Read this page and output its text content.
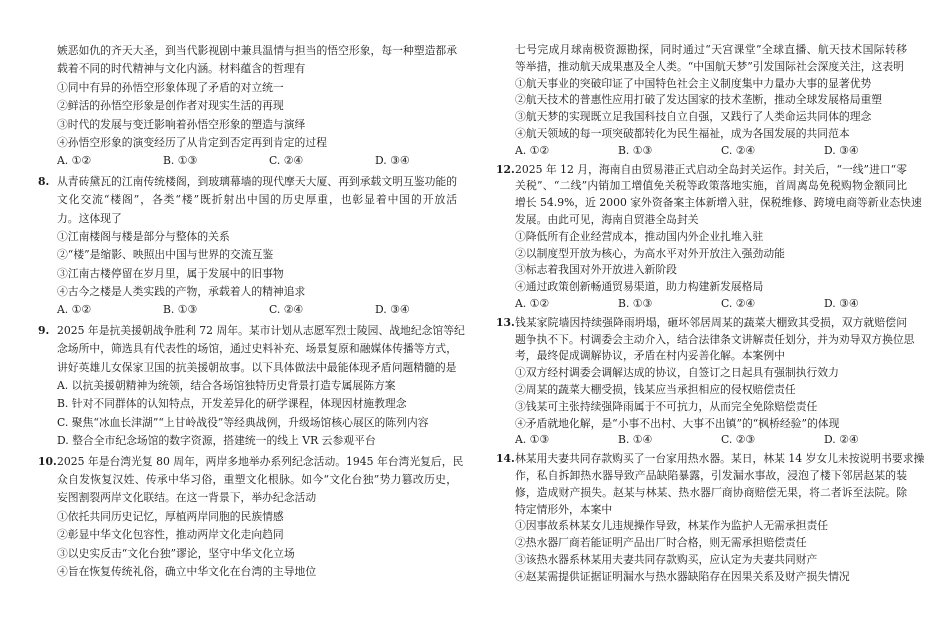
嫉恶如仇的齐天大圣，到当代影视剧中兼具温情与担当的悟空形象，每一种塑造都承
载着不同的时代精神与文化内涵。材料蕴含的哲理有
①同中有异的孙悟空形象体现了矛盾的对立统一
②鲜活的孙悟空形象是创作者对现实生活的再现
③时代的发展与变迁影响着孙悟空形象的塑造与演绎
④孙悟空形象的演变经历了从肯定到否定再到肯定的过程
A. ①②	B. ①③	C. ②④	D. ③④
8. 从青砖黛瓦的江南传统楼阁，到玻璃幕墙的现代摩天大厦、再到承载文明互鉴功能的
文化交流“楼阁”，各类“楼”既折射出中国的历史厚重，也彰显着中国的开放活
力。这体现了
①江南楼阁与楼是部分与整体的关系
②“楼”是缩影、映照出中国与世界的交流互鉴
③江南古楼停留在岁月里，属于发展中的旧事物
④古今之楼是人类实践的产物，承载着人的精神追求
A. ①②	B. ①③	C. ②④	D. ③④
9. 2025 年是抗美援朝战争胜利 72 周年。某市计划从志愿军烈士陵园、战地纪念馆等纪
念场所中，筛选具有代表性的场馆，通过史料补充、场景复原和融媒体传播等方式，
讲好英雄儿女保家卫国的抗美援朝故事。以下具体做法中最能体现矛盾问题精髓的是
A. 以抗美援朝精神为统领，结合各场馆独特历史背景打造专属展陈方案
B. 针对不同群体的认知特点，开发差异化的研学课程，体现因材施教理念
C. 聚焦“冰血长津湖”“上甘岭战役”等经典战例，升级场馆核心展区的陈列内容
D. 整合全市纪念场馆的数字资源，搭建统一的线上 VR 云参观平台
10. 2025 年是台湾光复 80 周年，两岸多地举办系列纪念活动。1945 年台湾光复后，民
众自发恢复汉姓、传承中华习俗，重塑文化根脉。如今“文化台独”势力篡改历史，
妄图割裂两岸文化联结。在这一背景下，举办纪念活动
①依托共同历史记忆，厚植两岸同胞的民族情感
②彰显中华文化包容性，推动两岸文化走向趋同
③以史实反击“文化台独”谬论，坚守中华文化立场
④旨在恢复传统礼俗，确立中华文化在台湾的主导地位
七号完成月球南极资源勘探，同时通过“天宫课堂”全球直播、航天技术国际转移
等举措，推动航天成果惠及全人类。“中国航天梦”引发国际社会深度关注，这表明
①航天事业的突破印证了中国特色社会主义制度集中力量办大事的显著优势
②航天技术的普惠性应用打破了发达国家的技术垄断，推动全球发展格局重塑
③航天梦的实现既立足我国科技自立自强，又践行了人类命运共同体的理念
④航天领域的每一项突破都转化为民生福祉，成为各国发展的共同范本
A. ①②	B. ①③	C. ②④	D. ③④
12. 2025 年 12 月，海南自由贸易港正式启动全岛封关运作。封关后，“一线”进口“零
关税”、“二线”内销加工增值免关税等政策落地实施，首周离岛免税购物金额同比
增长 54.9%，近 2000 家外资备案主体新增入驻，保税维修、跨境电商等新业态快速
发展。由此可见，海南自贸港全岛封关
①降低所有企业经营成本，推动国内外企业扎堆入驻
②以制度型开放为核心，为高水平对外开放注入强劲动能
③标志着我国对外开放进入新阶段
④通过政策创新畅通贸易渠道，助力构建新发展格局
A. ①②	B. ①③	C. ②④	D. ③④
13. 钱某家院墙因持续强降雨坍塌，砸坏邻居周某的蔬菜大棚致其受损，双方就赔偿问
题争执不下。村调委会主动介入，结合法律条文讲解责任划分，并为劝导双方换位思
考，最终促成调解协议，矛盾在村内妥善化解。本案例中
①双方经村调委会调解达成的协议，自签订之日起具有强制执行效力
②周某的蔬菜大棚受损，钱某应当承担相应的侵权赔偿责任
③钱某可主张持续强降雨属于不可抗力，从而完全免除赔偿责任
④矛盾就地化解，是“小事不出村、大事不出镇”的“枫桥经验”的体现
A. ①③	B. ①④	C. ②③	D. ②④
14. 林某用夫妻共同存款购买了一台家用热水器。某日，林某 14 岁女儿未按说明书要求操
作，私自拆卸热水器导致产品缺陷暴露，引发漏水事故，浸泡了楼下邻居赵某的装
修，造成财产损失。赵某与林某、热水器厂商协商赔偿无果，将二者诉至法院。除
特定情形外，本案中
①因事故系林某女儿违规操作导致，林某作为监护人无需承担责任
②热水器厂商若能证明产品出厂时合格，则无需承担赔偿责任
③该热水器系林某用夫妻共同存款购买，应认定为夫妻共同财产
④赵某需提供证据证明漏水与热水器缺陷存在因果关系及财产损失情况
